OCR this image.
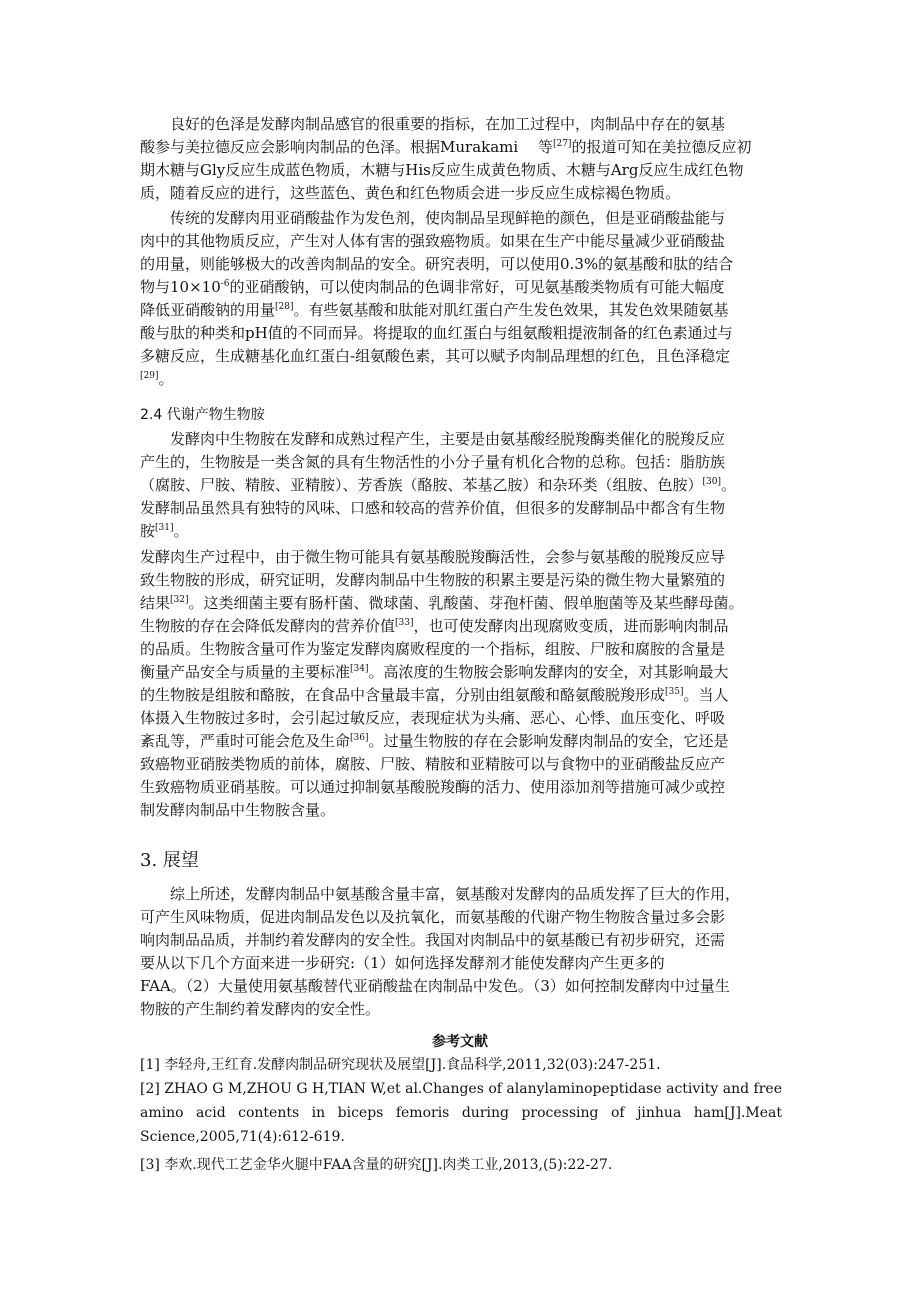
　　良好的色泽是发酵肉制品感官的很重要的指标，在加工过程中，肉制品中存在的氨基
酸参与美拉德反应会影响肉制品的色泽。根据Murakami　 等[27]的报道可知在美拉德反应初
期木糖与Gly反应生成蓝色物质，木糖与His反应生成黄色物质、木糖与Arg反应生成红色物
质，随着反应的进行，这些蓝色、黄色和红色物质会进一步反应生成棕褐色物质。
　　传统的发酵肉用亚硝酸盐作为发色剂，使肉制品呈现鲜艳的颜色，但是亚硝酸盐能与
肉中的其他物质反应，产生对人体有害的强致癌物质。如果在生产中能尽量减少亚硝酸盐
的用量，则能够极大的改善肉制品的安全。研究表明，可以使用0.3%的氨基酸和肽的结合
物与$10\times 10^{-6}$的亚硝酸钠，可以使肉制品的色调非常好，可见氨基酸类物质有可能大幅度
降低亚硝酸钠的用量[28]。有些氨基酸和肽能对肌红蛋白产生发色效果，其发色效果随氨基
酸与肽的种类和pH值的不同而异。将提取的血红蛋白与组氨酸粗提液制备的红色素通过与
多糖反应，生成糖基化血红蛋白-组氨酸色素，其可以赋予肉制品理想的红色，且色泽稳定
[29]。
2.4 代谢产物生物胺
　　发酵肉中生物胺在发酵和成熟过程产生，主要是由氨基酸经脱羧酶类催化的脱羧反应
产生的，生物胺是一类含氮的具有生物活性的小分子量有机化合物的总称。包括：脂肪族
（腐胺、尸胺、精胺、亚精胺）、芳香族（酪胺、苯基乙胺）和杂环类（组胺、色胺）[30]。
发酵制品虽然具有独特的风味、口感和较高的营养价值，但很多的发酵制品中都含有生物
胺[31]。
发酵肉生产过程中，由于微生物可能具有氨基酸脱羧酶活性，会参与氨基酸的脱羧反应导
致生物胺的形成，研究证明，发酵肉制品中生物胺的积累主要是污染的微生物大量繁殖的
结果[32]。这类细菌主要有肠杆菌、微球菌、乳酸菌、芽孢杆菌、假单胞菌等及某些酵母菌。
生物胺的存在会降低发酵肉的营养价值[33]，也可使发酵肉出现腐败变质，进而影响肉制品
的品质。生物胺含量可作为鉴定发酵肉腐败程度的一个指标，组胺、尸胺和腐胺的含量是
衡量产品安全与质量的主要标准[34]。高浓度的生物胺会影响发酵肉的安全，对其影响最大
的生物胺是组胺和酪胺，在食品中含量最丰富，分别由组氨酸和酪氨酸脱羧形成[35]。当人
体摄入生物胺过多时，会引起过敏反应，表现症状为头痛、恶心、心悸、血压变化、呼吸
紊乱等，严重时可能会危及生命[36]。过量生物胺的存在会影响发酵肉制品的安全，它还是
致癌物亚硝胺类物质的前体，腐胺、尸胺、精胺和亚精胺可以与食物中的亚硝酸盐反应产
生致癌物质亚硝基胺。可以通过抑制氨基酸脱羧酶的活力、使用添加剂等措施可减少或控
制发酵肉制品中生物胺含量。
3. 展望
　　综上所述，发酵肉制品中氨基酸含量丰富，氨基酸对发酵肉的品质发挥了巨大的作用，
可产生风味物质，促进肉制品发色以及抗氧化，而氨基酸的代谢产物生物胺含量过多会影
响肉制品品质，并制约着发酵肉的安全性。我国对肉制品中的氨基酸已有初步研究，还需
要从以下几个方面来进一步研究:（1）如何选择发酵剂才能使发酵肉产生更多的
FAA。（2）大量使用氨基酸替代亚硝酸盐在肉制品中发色。（3）如何控制发酵肉中过量生
物胺的产生制约着发酵肉的安全性。
参考文献
[1] 李轻舟,王红育.发酵肉制品研究现状及展望[J].食品科学,2011,32(03):247-251.
[2] ZHAO G M,ZHOU G H,TIAN W,et al.Changes of alanylaminopeptidase activity and free
amino acid contents in biceps femoris during processing of jinhua ham[J].Meat
Science,2005,71(4):612-619.
[3] 李欢.现代工艺金华火腿中FAA含量的研究[J].肉类工业,2013,(5):22-27.
